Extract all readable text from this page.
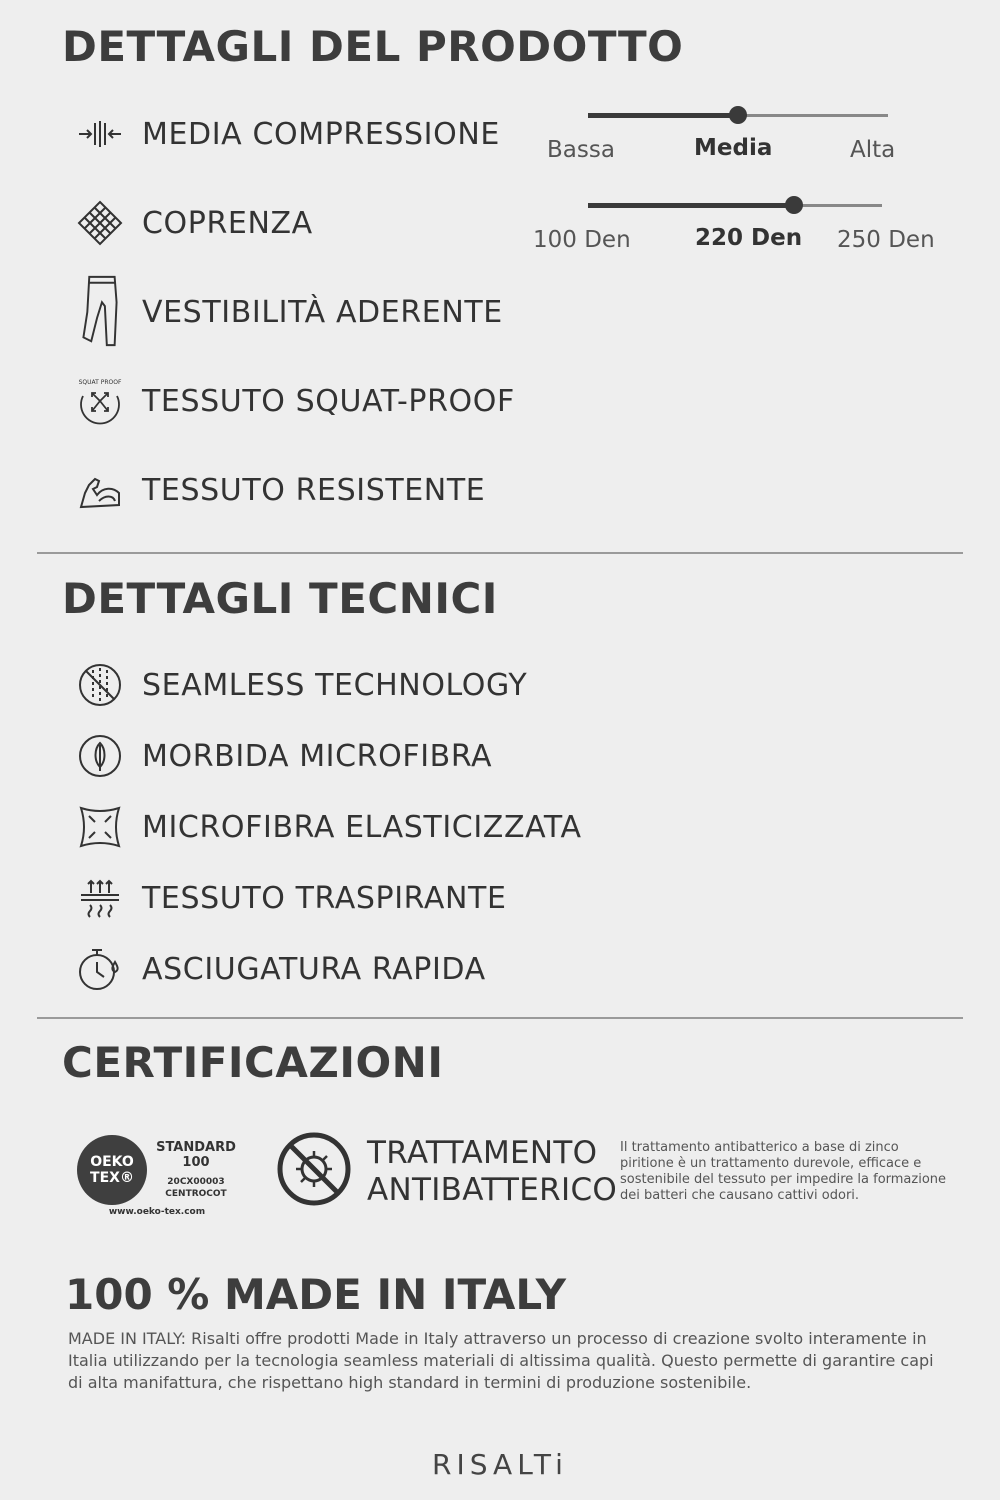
DETTAGLI DEL PRODOTTO
MEDIA COMPRESSIONE
COPRENZA
VESTIBILITÀ ADERENTE
SQUAT PROOF
TESSUTO SQUAT-PROOF
TESSUTO RESISTENTE
Bassa	Media	Alta
100 Den	220 Den 250 Den
DETTAGLI TECNICI
SEAMLESS TECHNOLOGY
MORBIDA MICROFIBRA
MICROFIBRA ELASTICIZZATA
TESSUTO TRASPIRANTE
ASCIUGATURA RAPIDA
CERTIFICAZIONI
OEKO
TEX®
STANDARD
100
20CX00003
CENTROCOT
www.oeko-tex.com
TRATTAMENTO
ANTIBATTERICO
Il trattamento antibatterico a base di zinco piritione è un trattamento durevole, efficace e sostenibile del tessuto per impedire la formazione dei batteri che causano cattivi odori.
100 % MADE IN ITALY
MADE IN ITALY: Risalti offre prodotti Made in Italy attraverso un processo di creazione svolto interamente in Italia utilizzando per la tecnologia seamless materiali di altissima qualità. Questo permette di garantire capi di alta manifattura, che rispettano high standard in termini di produzione sostenibile.
RISALTi
